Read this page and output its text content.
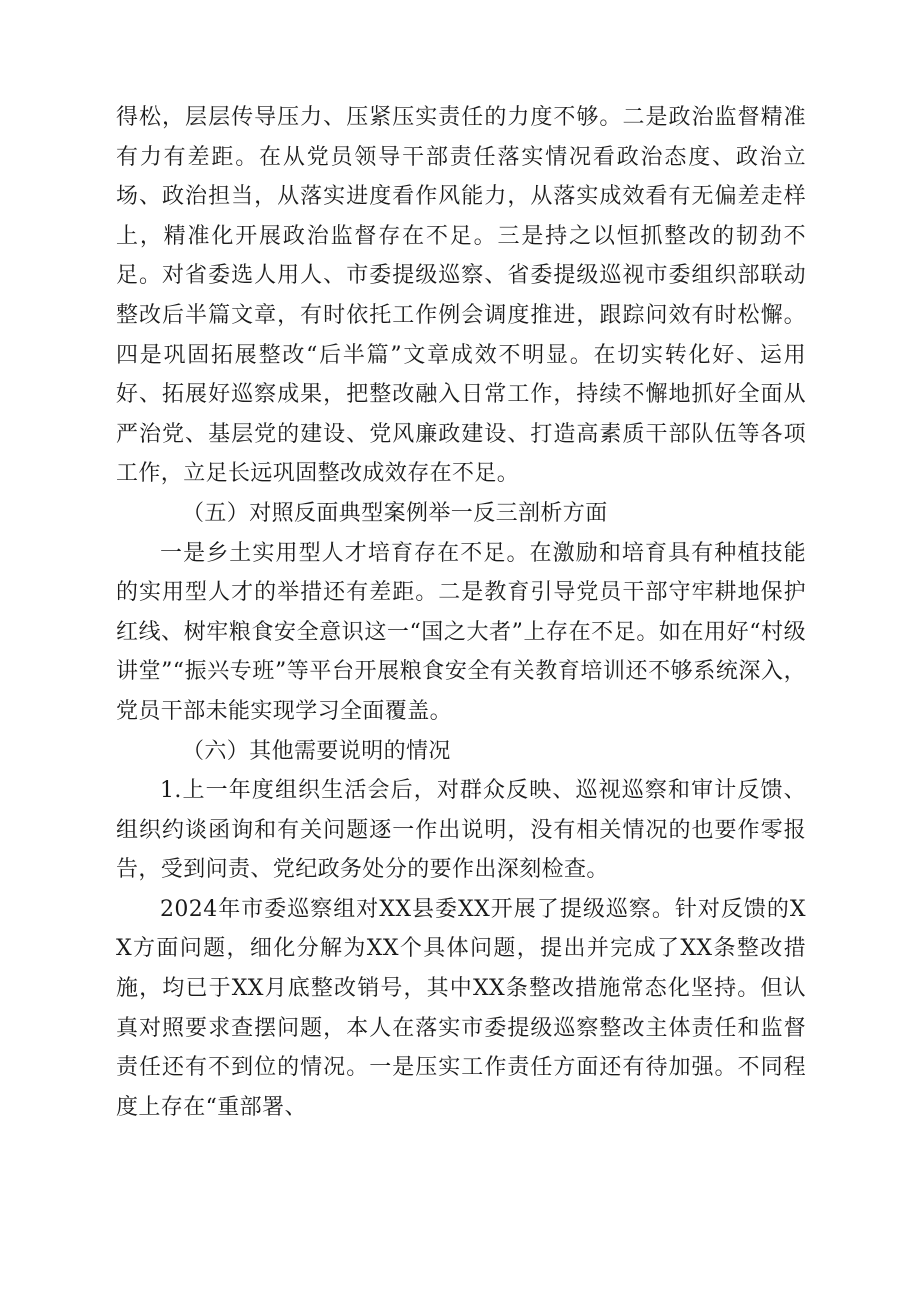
得松，层层传导压力、压紧压实责任的力度不够。二是政治监督精准有力有差距。在从党员领导干部责任落实情况看政治态度、政治立场、政治担当，从落实进度看作风能力，从落实成效看有无偏差走样上，精准化开展政治监督存在不足。三是持之以恒抓整改的韧劲不足。对省委选人用人、市委提级巡察、省委提级巡视市委组织部联动整改后半篇文章，有时依托工作例会调度推进，跟踪问效有时松懈。四是巩固拓展整改“后半篇”文章成效不明显。在切实转化好、运用好、拓展好巡察成果，把整改融入日常工作，持续不懈地抓好全面从严治党、基层党的建设、党风廉政建设、打造高素质干部队伍等各项工作，立足长远巩固整改成效存在不足。

（五）对照反面典型案例举一反三剖析方面

一是乡土实用型人才培育存在不足。在激励和培育具有种植技能的实用型人才的举措还有差距。二是教育引导党员干部守牢耕地保护红线、树牢粮食安全意识这一“国之大者”上存在不足。如在用好“村级讲堂”“振兴专班”等平台开展粮食安全有关教育培训还不够系统深入，党员干部未能实现学习全面覆盖。

（六）其他需要说明的情况

1.上一年度组织生活会后，对群众反映、巡视巡察和审计反馈、组织约谈函询和有关问题逐一作出说明，没有相关情况的也要作零报告，受到问责、党纪政务处分的要作出深刻检查。

2024年市委巡察组对XX县委XX开展了提级巡察。针对反馈的XX方面问题，细化分解为XX个具体问题，提出并完成了XX条整改措施，均已于XX月底整改销号，其中XX条整改措施常态化坚持。但认真对照要求查摆问题，本人在落实市委提级巡察整改主体责任和监督责任还有不到位的情况。一是压实工作责任方面还有待加强。不同程度上存在“重部署、
